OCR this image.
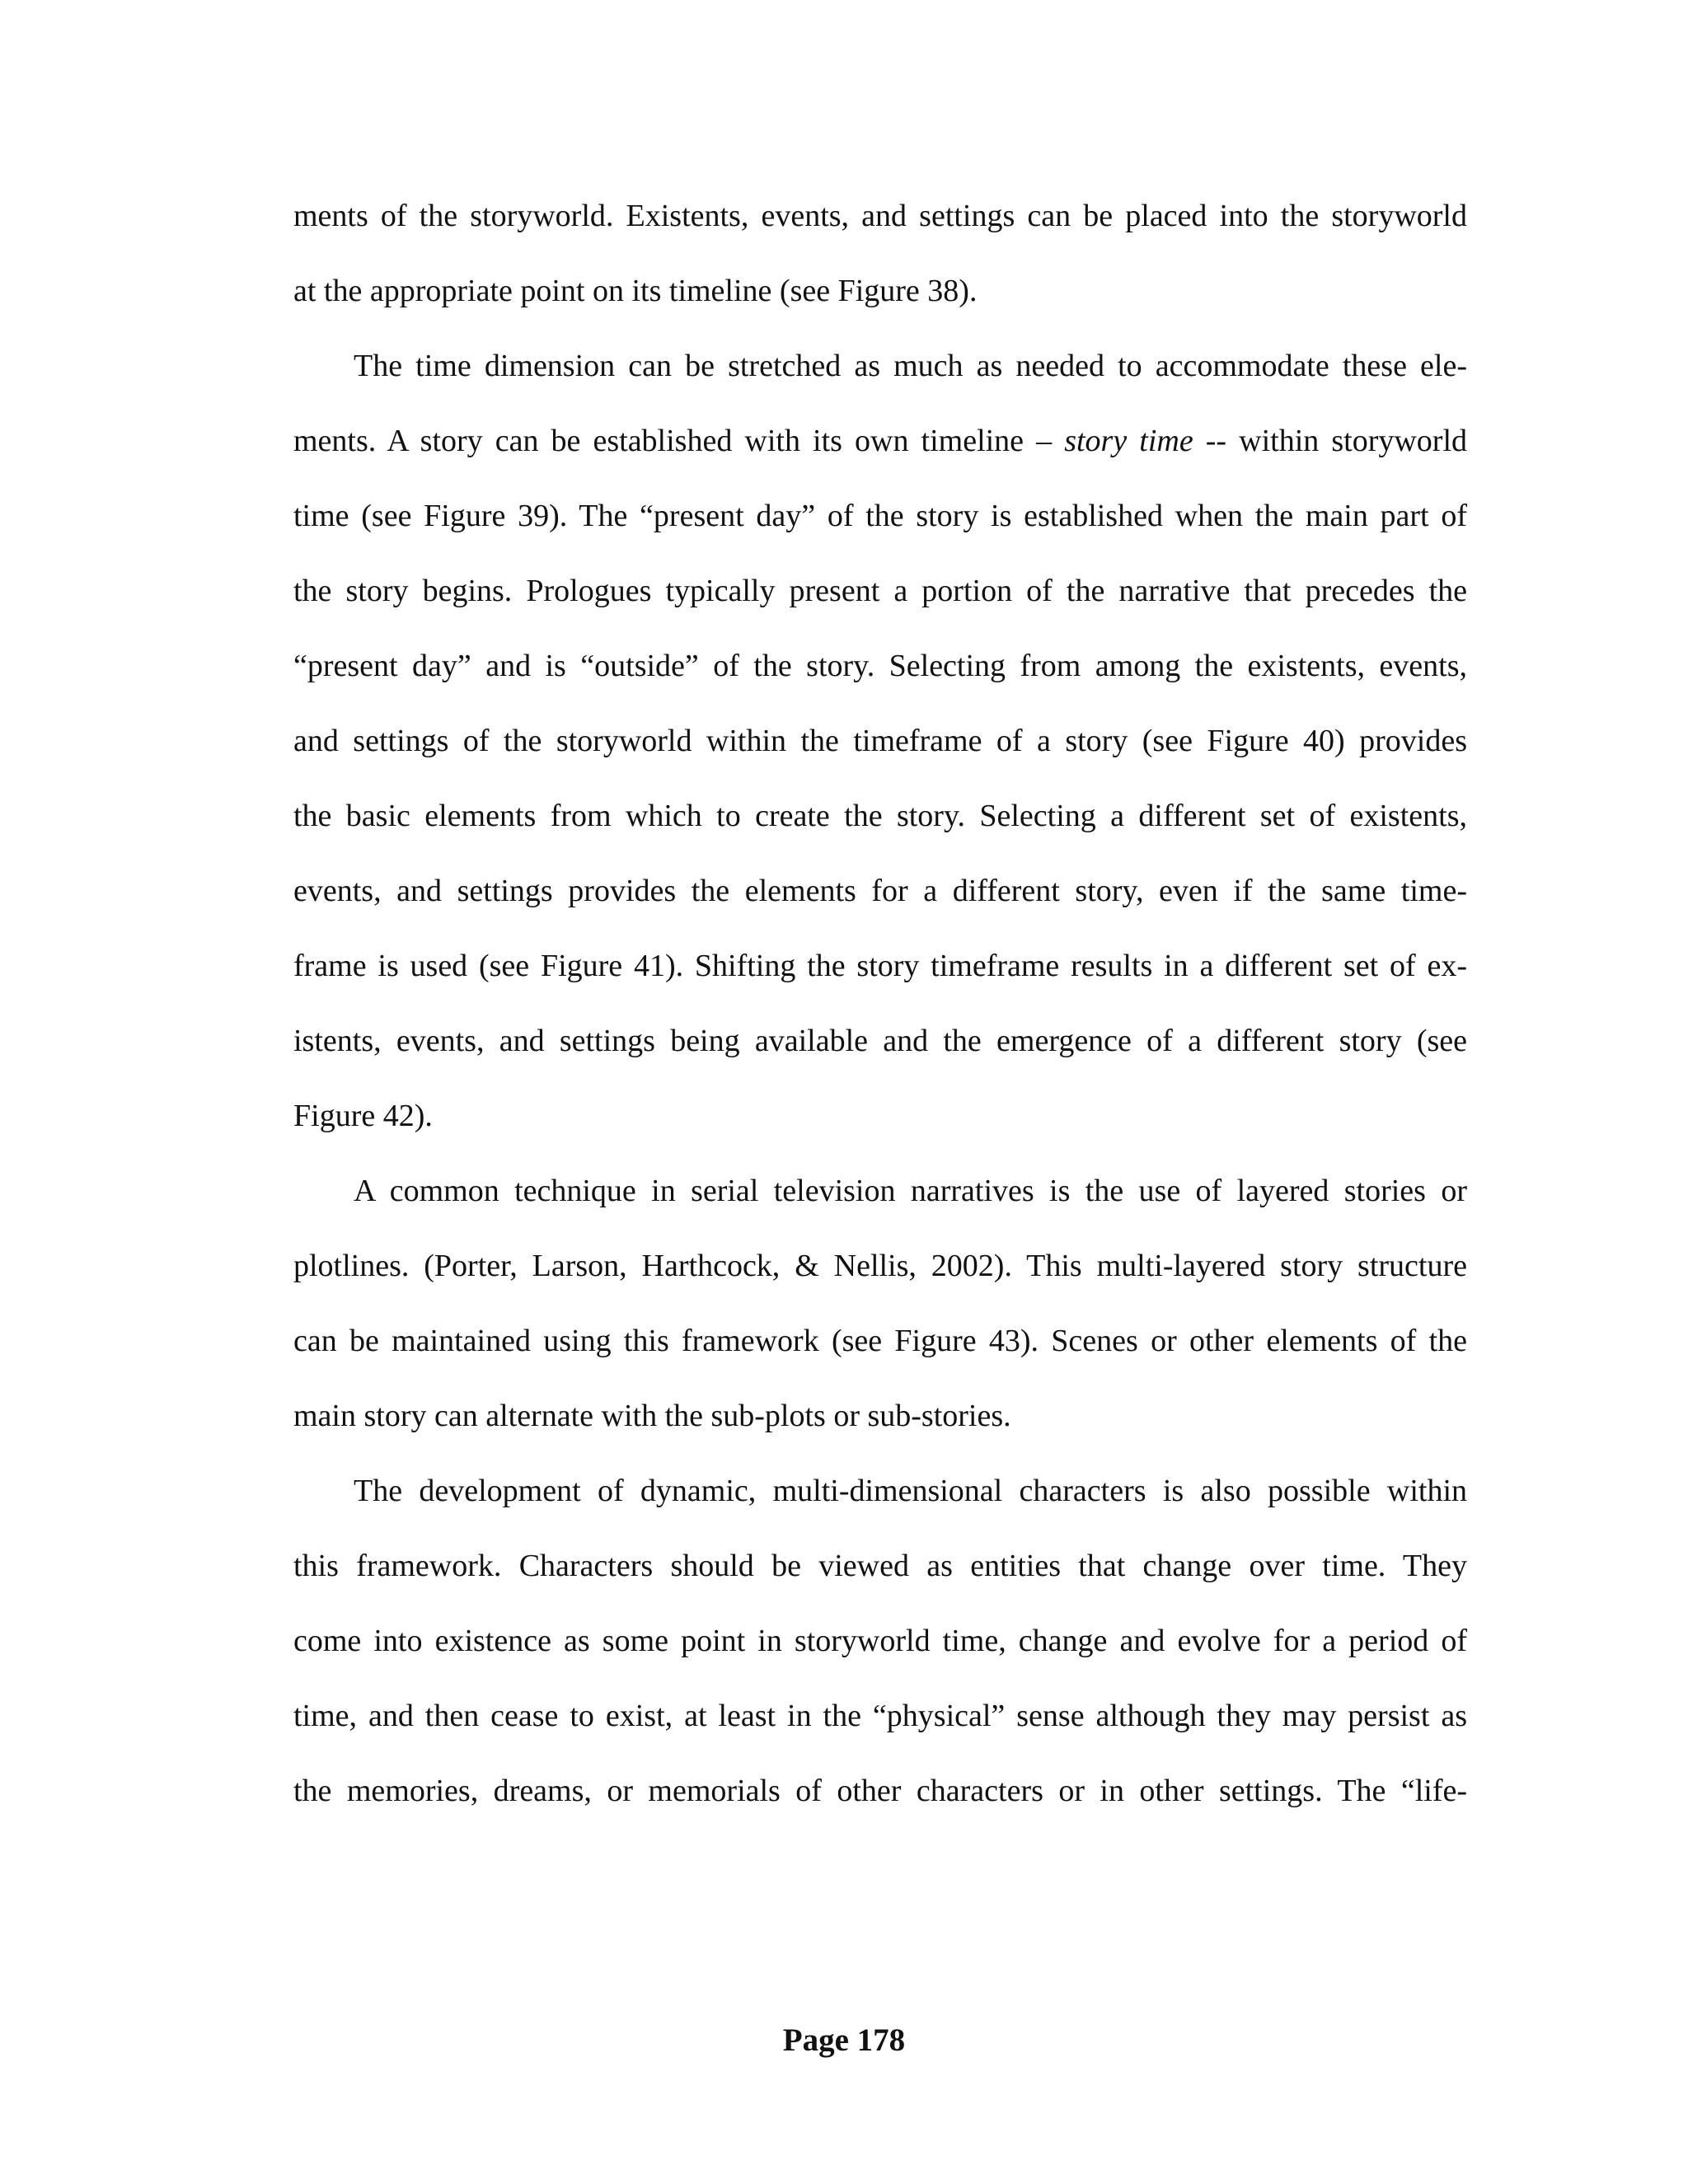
ments of the storyworld. Existents, events, and settings can be placed into the storyworld
at the appropriate point on its timeline (see Figure 38).
The time dimension can be stretched as much as needed to accommodate these ele-
ments. A story can be established with its own timeline – story time -- within storyworld
time (see Figure 39). The “present day” of the story is established when the main part of
the story begins. Prologues typically present a portion of the narrative that precedes the
“present day” and is “outside” of the story. Selecting from among the existents, events,
and settings of the storyworld within the timeframe of a story (see Figure 40) provides
the basic elements from which to create the story. Selecting a different set of existents,
events, and settings provides the elements for a different story, even if the same time-
frame is used (see Figure 41). Shifting the story timeframe results in a different set of ex-
istents, events, and settings being available and the emergence of a different story (see
Figure 42).
A common technique in serial television narratives is the use of layered stories or
plotlines. (Porter, Larson, Harthcock, & Nellis, 2002). This multi-layered story structure
can be maintained using this framework (see Figure 43). Scenes or other elements of the
main story can alternate with the sub-plots or sub-stories.
The development of dynamic, multi-dimensional characters is also possible within
this framework. Characters should be viewed as entities that change over time. They
come into existence as some point in storyworld time, change and evolve for a period of
time, and then cease to exist, at least in the “physical” sense although they may persist as
the memories, dreams, or memorials of other characters or in other settings. The “life-
Page 178
